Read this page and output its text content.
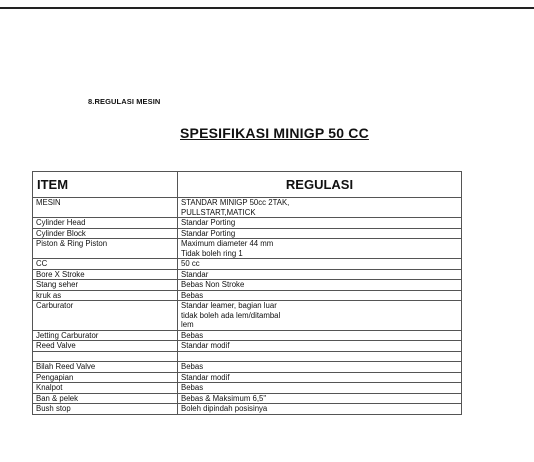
8.REGULASI MESIN
SPESIFIKASI MINIGP 50 CC
ITEM	REGULASI
MESIN	STANDAR MINIGP 50cc 2TAK,
PULLSTART,MATICK

Cylinder Head	Standar Porting

Cylinder Block	Standar Porting

Piston & Ring Piston	Maximum diameter 44 mm
Tidak boleh ring 1

CC	50 cc

Bore X Stroke	Standar

Stang seher	Bebas Non Stroke

kruk as	Bebas

Carburator	Standar leamer, bagian luar
tidak boleh ada lem/ditambal
lem

Jetting Carburator	Bebas

Reed Valve	Standar modif

Bilah Reed Valve	Bebas

Pengapian	Standar modif

Knalpot	Bebas

Ban & pelek	Bebas & Maksimum 6,5"

Bush stop	Boleh dipindah posisinya
